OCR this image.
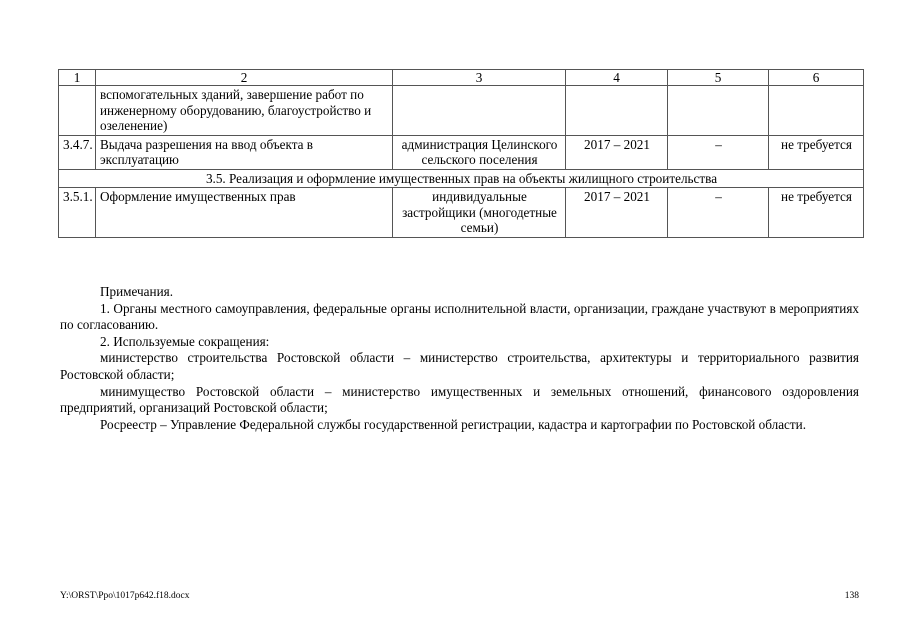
1	2	3	4	5	6
	вспомогательных зданий, завершение работ по инженерному оборудованию, благоустройство и озеленение)				
3.4.7.	Выдача разрешения на ввод объекта в эксплуатацию	администрация Целинского сельского поселения	2017 – 2021	–	не требуется
3.5. Реализация и оформление имущественных прав на объекты жилищного строительства					
3.5.1.	Оформление имущественных прав	индивидуальные застройщики (многодетные семьи)	2017 – 2021	–	не требуется

Примечания.

1. Органы местного самоуправления, федеральные органы исполнительной власти, организации, граждане участвуют в мероприятиях по согласованию.

2. Используемые сокращения:

министерство строительства Ростовской области – министерство строительства, архитектуры и территориального развития Ростовской области;

минимущество Ростовской области – министерство имущественных и земельных отношений, финансового оздоровления предприятий, организаций Ростовской области;

Росреестр – Управление Федеральной службы государственной регистрации, кадастра и картографии по Ростовской области.

Y:\ORST\Ppo\1017p642.f18.docx	138
